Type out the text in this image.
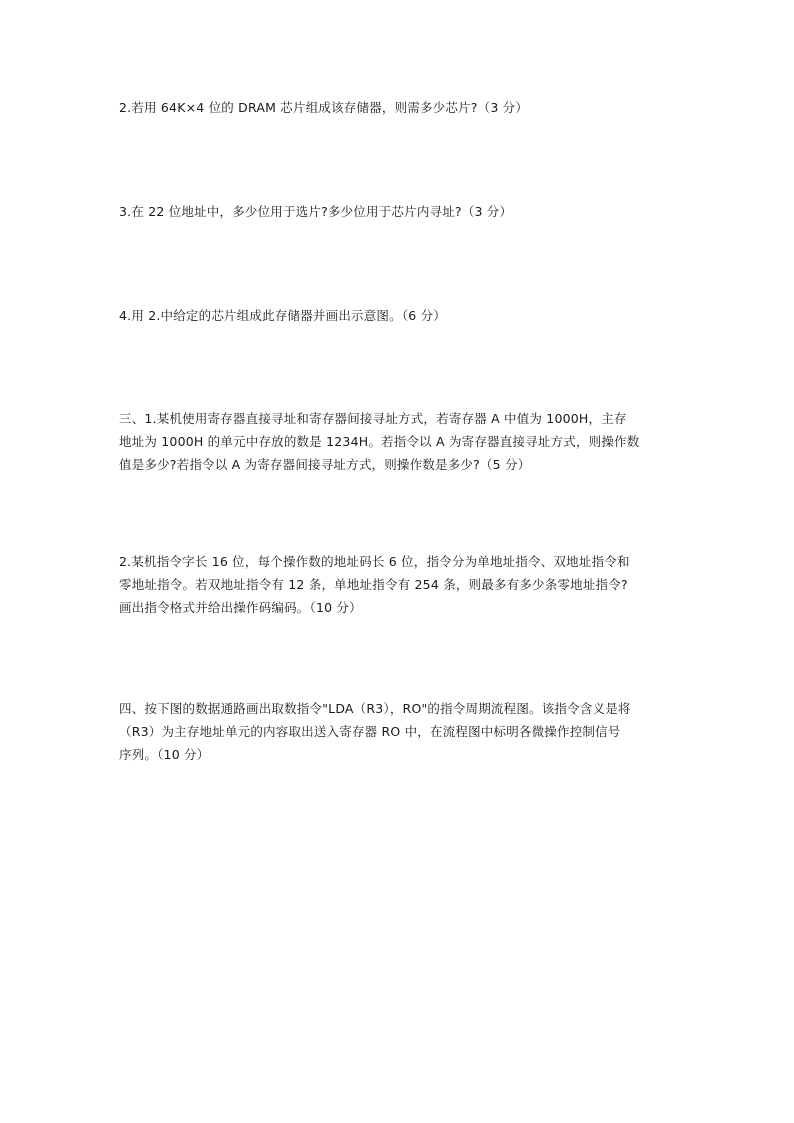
2.若用 64K×4 位的 DRAM 芯片组成该存储器，则需多少芯片?（3 分）

3.在 22 位地址中，多少位用于选片?多少位用于芯片内寻址?（3 分）

4.用 2.中给定的芯片组成此存储器并画出示意图。（6 分）

三、1.某机使用寄存器直接寻址和寄存器间接寻址方式，若寄存器 A 中值为 1000H，主存

地址为 1000H 的单元中存放的数是 1234H。若指令以 A 为寄存器直接寻址方式，则操作数

值是多少?若指令以 A 为寄存器间接寻址方式，则操作数是多少?（5 分）

2.某机指令字长 16 位，每个操作数的地址码长 6 位，指令分为单地址指令、双地址指令和

零地址指令。若双地址指令有 12 条，单地址指令有 254 条，则最多有多少条零地址指令?

画出指令格式并给出操作码编码。（10 分）

四、按下图的数据通路画出取数指令"LDA（R3），RO"的指令周期流程图。该指令含义是将

（R3）为主存地址单元的内容取出送入寄存器 RO 中，在流程图中标明各微操作控制信号

序列。（10 分）
